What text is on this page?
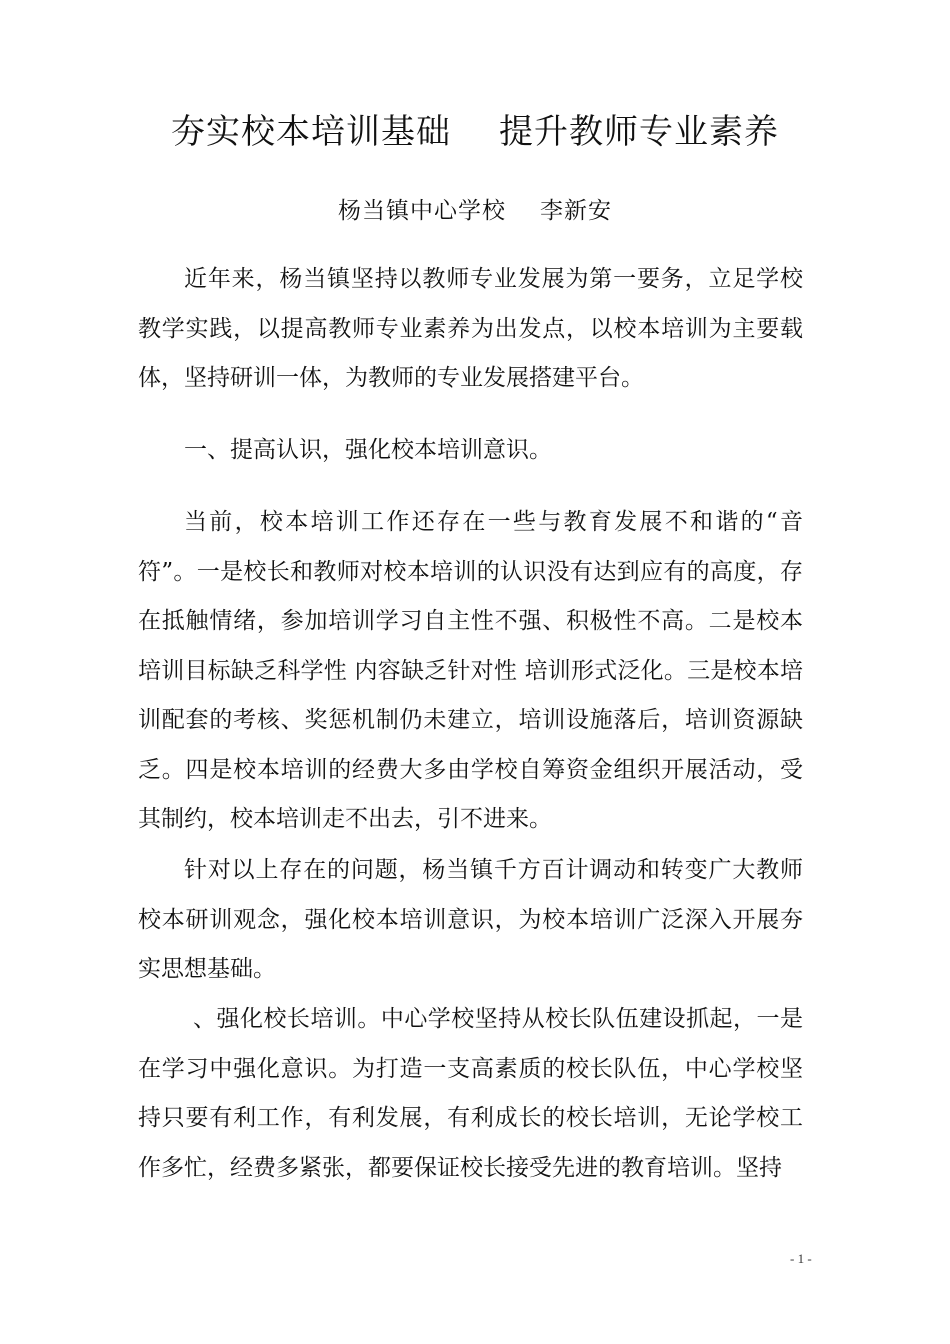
夯实校本培训基础 提升教师专业素养

杨当镇中心学校 李新安

近年来，杨当镇坚持以教师专业发展为第一要务，立足学校教学实践，以提高教师专业素养为出发点，以校本培训为主要载体，坚持研训一体，为教师的专业发展搭建平台。

一、提高认识，强化校本培训意识。

当前，校本培训工作还存在一些与教育发展不和谐的“音符”。一是校长和教师对校本培训的认识没有达到应有的高度，存在抵触情绪，参加培训学习自主性不强、积极性不高。二是校本培训目标缺乏科学性 内容缺乏针对性 培训形式泛化。三是校本培训配套的考核、奖惩机制仍未建立，培训设施落后，培训资源缺乏。四是校本培训的经费大多由学校自筹资金组织开展活动，受其制约，校本培训走不出去，引不进来。

针对以上存在的问题，杨当镇千方百计调动和转变广大教师校本研训观念，强化校本培训意识，为校本培训广泛深入开展夯实思想基础。

、强化校长培训。中心学校坚持从校长队伍建设抓起，一是在学习中强化意识。为打造一支高素质的校长队伍，中心学校坚持只要有利工作，有利发展，有利成长的校长培训，无论学校工作多忙，经费多紧张，都要保证校长接受先进的教育培训。坚持

- 1 -
